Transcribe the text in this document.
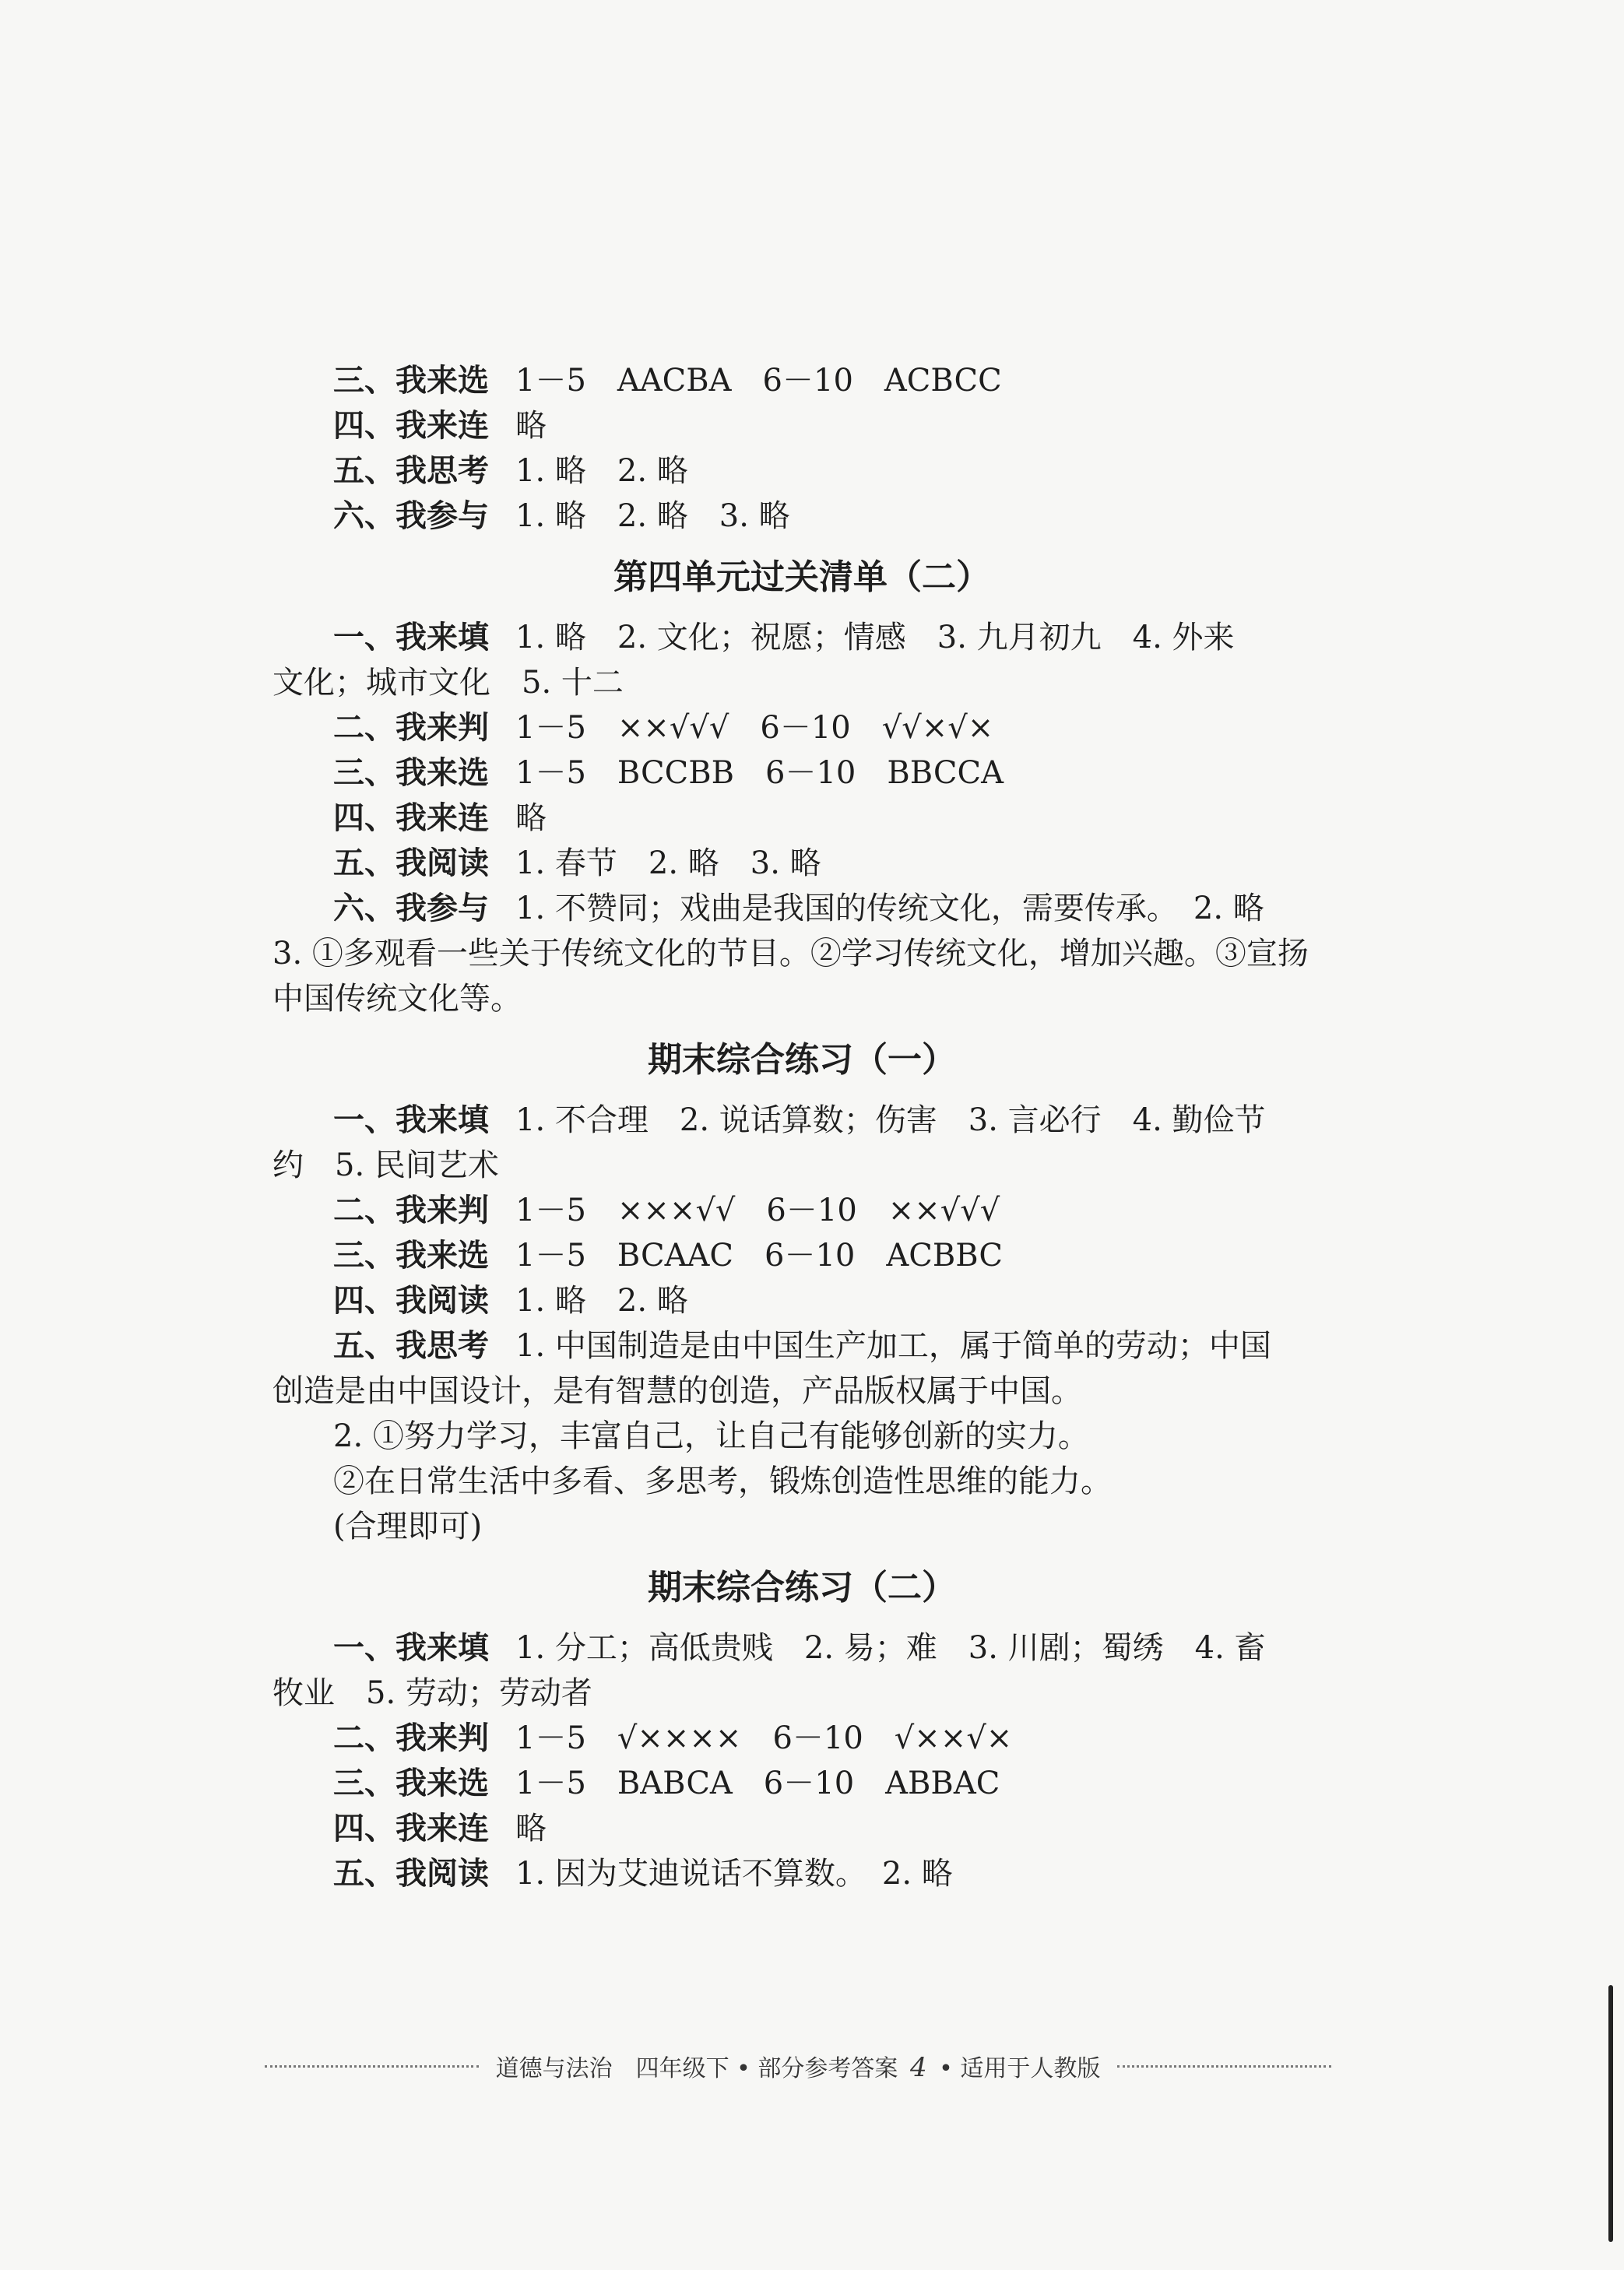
三、我来选 1－5　AACBA　6－10　ACBCC
四、我来连 略
五、我思考 1. 略　2. 略
六、我参与 1. 略　2. 略　3. 略
第四单元过关清单（二）
一、我来填 1. 略　2. 文化；祝愿；情感　3. 九月初九　4. 外来
文化；城市文化　5. 十二
二、我来判 1－5　××√√√　6－10　√√×√×
三、我来选 1－5　BCCBB　6－10　BBCCA
四、我来连 略
五、我阅读 1. 春节　2. 略　3. 略
六、我参与 1. 不赞同；戏曲是我国的传统文化，需要传承。　2. 略
3. ①多观看一些关于传统文化的节目。②学习传统文化，增加兴趣。③宣扬中国传统文化等。
期末综合练习（一）
一、我来填 1. 不合理　2. 说话算数；伤害　3. 言必行　4. 勤俭节
约　5. 民间艺术
二、我来判 1－5　×××√√　6－10　××√√√
三、我来选 1－5　BCAAC　6－10　ACBBC
四、我阅读 1. 略　2. 略
五、我思考 1. 中国制造是由中国生产加工，属于简单的劳动；中国
创造是由中国设计，是有智慧的创造，产品版权属于中国。
2. ①努力学习，丰富自己，让自己有能够创新的实力。
②在日常生活中多看、多思考，锻炼创造性思维的能力。
(合理即可)
期末综合练习（二）
一、我来填 1. 分工；高低贵贱　2. 易；难　3. 川剧；蜀绣　4. 畜
牧业　5. 劳动；劳动者
二、我来判 1－5　√××××　6－10　√××√×
三、我来选 1－5　BABCA　6－10　ABBAC
四、我来连 略
五、我阅读 1. 因为艾迪说话不算数。　2. 略
道德与法治　四年级下 • 部分参考答案 4 • 适用于人教版
